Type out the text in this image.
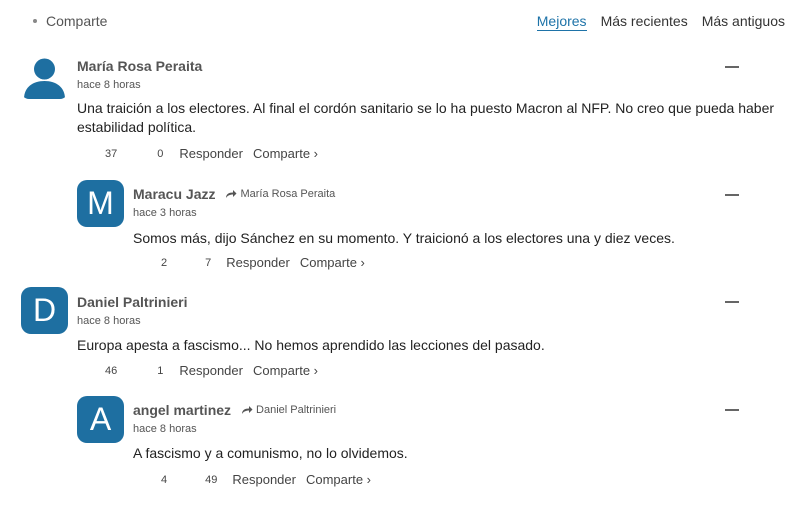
Comparte	Mejores Más recientes Más antiguos
María Rosa Peraita
hace 8 horas
Una traición a los electores. Al final el cordón sanitario se lo ha puesto Macron al NFP. No creo que pueda haber
estabilidad política.
37	0 Responder Comparte ›
M Maracu Jazz María Rosa Peraita
hace 3 horas
Somos más, dijo Sánchez en su momento. Y traicionó a los electores una y diez veces.
2	7 Responder Comparte ›
D Daniel Paltrinieri
hace 8 horas
Europa apesta a fascismo... No hemos aprendido las lecciones del pasado.
46	1 Responder Comparte ›
A angel martinez Daniel Paltrinieri
hace 8 horas
A fascismo y a comunismo, no lo olvidemos.
4	49 Responder Comparte ›
